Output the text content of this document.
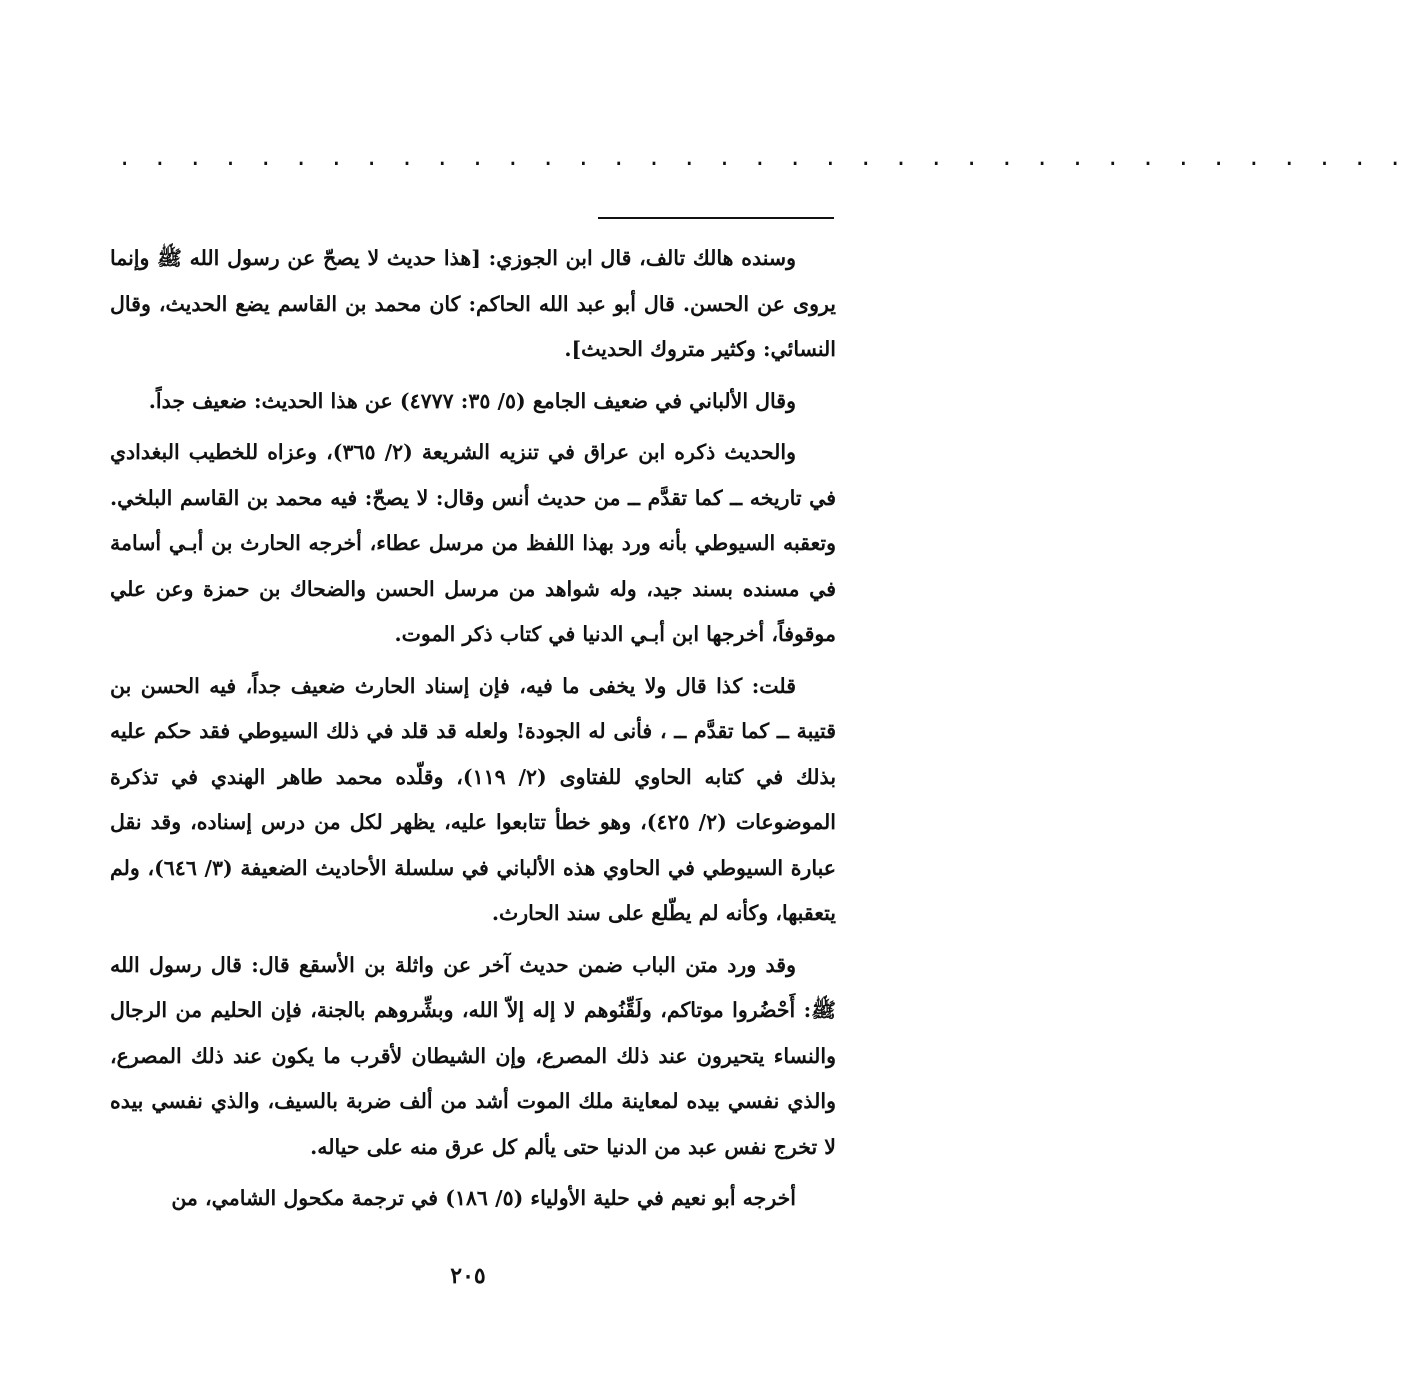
. . . . . . . . . . . . . . . . . . . . . . . . . . . . . . . . . . . . .

وسنده هالك تالف، قال ابن الجوزي: [هذا حديث لا يصحّ عن رسول الله ﷺ وإنما يروى عن الحسن. قال أبو عبد الله الحاكم: كان محمد بن القاسم يضع الحديث، وقال النسائي: وكثير متروك الحديث].

وقال الألباني في ضعيف الجامع (٥/ ٣٥: ٤٧٧٧) عن هذا الحديث: ضعيف جداً.

والحديث ذكره ابن عراق في تنزيه الشريعة (٢/ ٣٦٥)، وعزاه للخطيب البغدادي في تاريخه ــ كما تقدَّم ــ من حديث أنس وقال: لا يصحّ: فيه محمد بن القاسم البلخي. وتعقبه السيوطي بأنه ورد بهذا اللفظ من مرسل عطاء، أخرجه الحارث بن أبـي أسامة في مسنده بسند جيد، وله شواهد من مرسل الحسن والضحاك بن حمزة وعن علي موقوفاً، أخرجها ابن أبـي الدنيا في كتاب ذكر الموت.

قلت: كذا قال ولا يخفى ما فيه، فإن إسناد الحارث ضعيف جداً، فيه الحسن بن قتيبة ــ كما تقدَّم ــ ، فأنى له الجودة! ولعله قد قلد في ذلك السيوطي فقد حكم عليه بذلك في كتابه الحاوي للفتاوى (٢/ ١١٩)، وقلّده محمد طاهر الهندي في تذكرة الموضوعات (٢/ ٤٢٥)، وهو خطأ تتابعوا عليه، يظهر لكل من درس إسناده، وقد نقل عبارة السيوطي في الحاوي هذه الألباني في سلسلة الأحاديث الضعيفة (٣/ ٦٤٦)، ولم يتعقبها، وكأنه لم يطّلع على سند الحارث.

وقد ورد متن الباب ضمن حديث آخر عن واثلة بن الأسقع قال: قال رسول الله ﷺ: أَحْضُروا موتاكم، ولَقِّنُوهم لا إله إلاّ الله، وبشِّروهم بالجنة، فإن الحليم من الرجال والنساء يتحيرون عند ذلك المصرع، وإن الشيطان لأقرب ما يكون عند ذلك المصرع، والذي نفسي بيده لمعاينة ملك الموت أشد من ألف ضربة بالسيف، والذي نفسي بيده لا تخرج نفس عبد من الدنيا حتى يألم كل عرق منه على حياله.

أخرجه أبو نعيم في حلية الأولياء (٥/ ١٨٦) في ترجمة مكحول الشامي، من

٢٠٥
